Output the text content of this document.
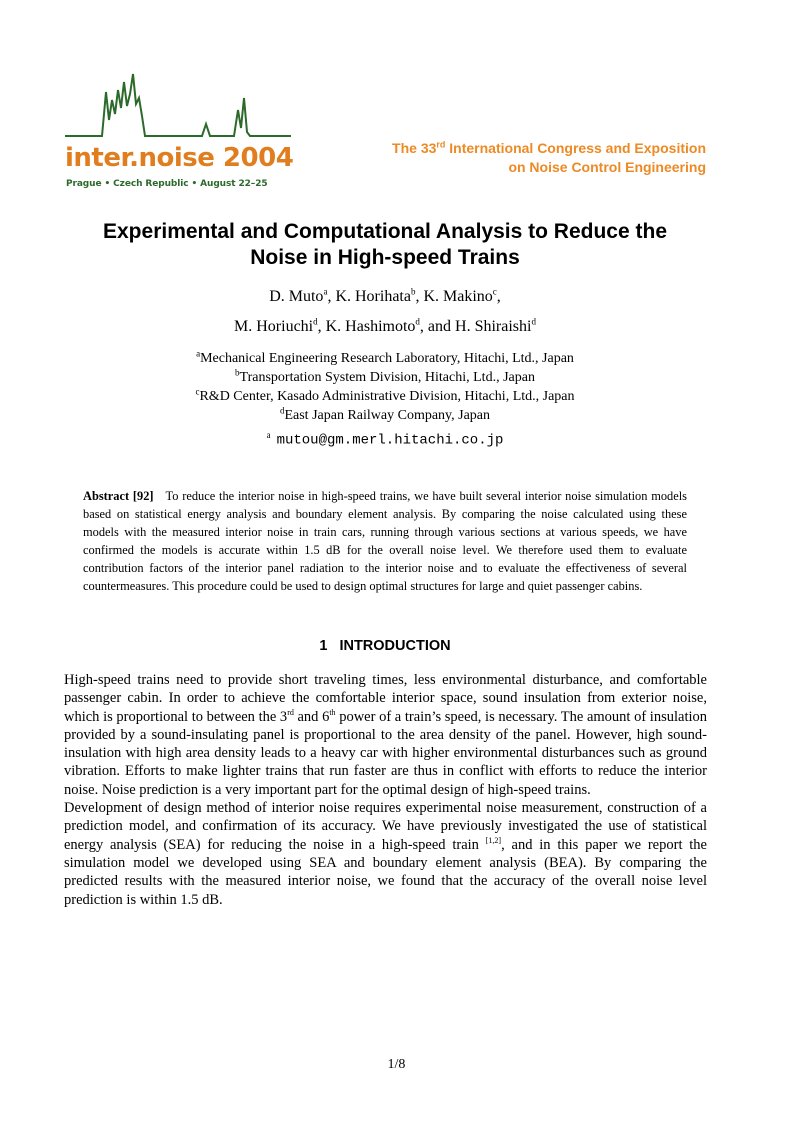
inter.noise 2004
Prague • Czech Republic • August 22–25
The 33rd International Congress and Exposition
on Noise Control Engineering
Experimental and Computational Analysis to Reduce the
Noise in High-speed Trains
D. Muto$^a$, K. Horihata$^b$, K. Makino$^c$,
M. Horiuchi$^d$, K. Hashimoto$^d$, and H. Shiraishi$^d$
$^a$Mechanical Engineering Research Laboratory, Hitachi, Ltd., Japan
$^b$Transportation System Division, Hitachi, Ltd., Japan
$^c$R&D Center, Kasado Administrative Division, Hitachi, Ltd., Japan
$^d$East Japan Railway Company, Japan
$^a$ mutou@gm.merl.hitachi.co.jp
Abstract [92] To reduce the interior noise in high-speed trains, we have built several interior noise simulation models based on statistical energy analysis and boundary element analysis. By comparing the noise calculated using these models with the measured interior noise in train cars, running through various sections at various speeds, we have confirmed the models is accurate within 1.5 dB for the overall noise level. We therefore used them to evaluate contribution factors of the interior panel radiation to the interior noise and to evaluate the effectiveness of several countermeasures. This procedure could be used to design optimal structures for large and quiet passenger cabins.
1 INTRODUCTION

High-speed trains need to provide short traveling times, less environmental disturbance, and comfortable passenger cabin. In order to achieve the comfortable interior space, sound insulation from exterior noise, which is proportional to between the 3rd and 6th power of a train’s speed, is necessary. The amount of insulation provided by a sound-insulating panel is proportional to the area density of the panel. However, high sound-insulation with high area density leads to a heavy car with higher environmental disturbances such as ground vibration. Efforts to make lighter trains that run faster are thus in conflict with efforts to reduce the interior noise. Noise prediction is a very important part for the optimal design of high-speed trains.

Development of design method of interior noise requires experimental noise measurement, construction of a prediction model, and confirmation of its accuracy. We have previously investigated the use of statistical energy analysis (SEA) for reducing the noise in a high-speed train [1,2], and in this paper we report the simulation model we developed using SEA and boundary element analysis (BEA). By comparing the predicted results with the measured interior noise, we found that the accuracy of the overall noise level prediction is within 1.5 dB.

1/8
